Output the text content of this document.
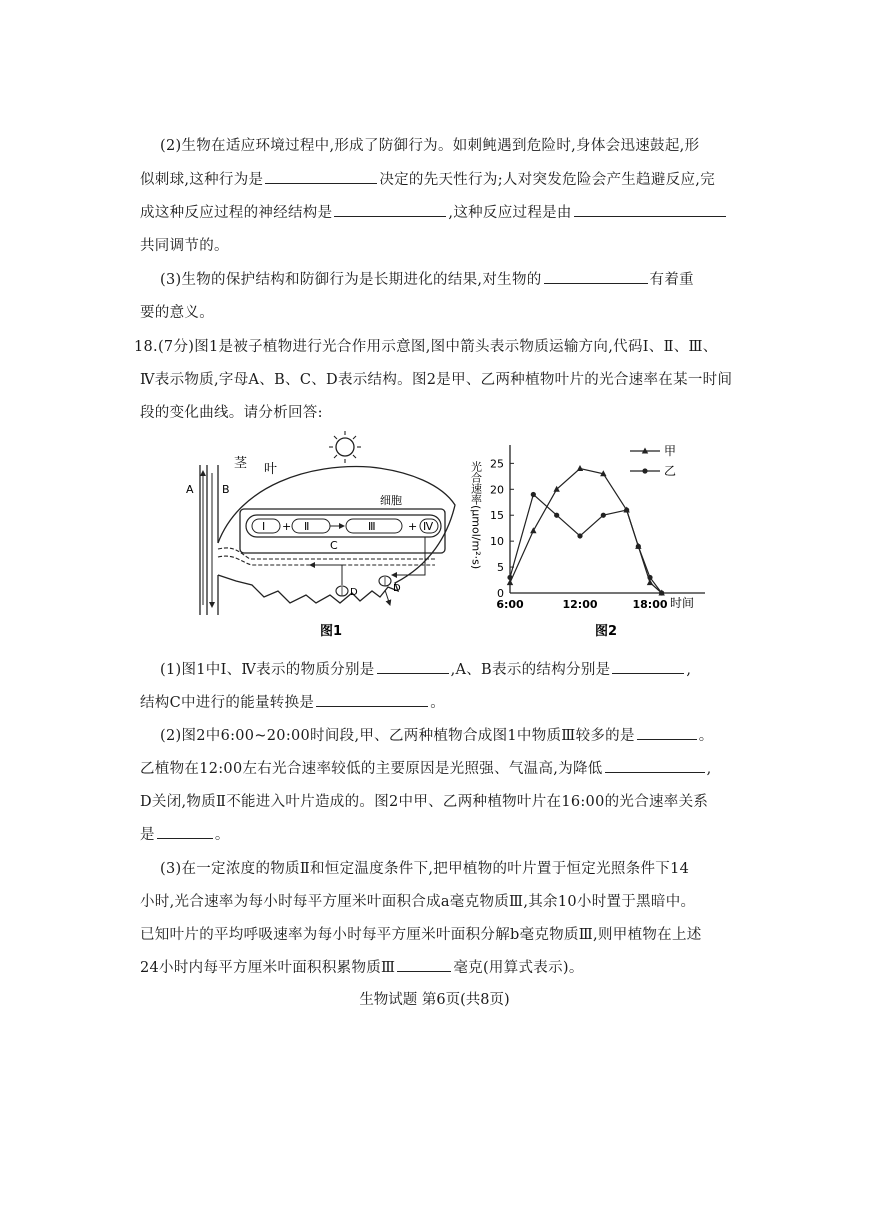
(2)生物在适应环境过程中,形成了防御行为。如刺鲀遇到危险时,身体会迅速鼓起,形
似刺球,这种行为是	决定的先天性行为;人对突发危险会产生趋避反应,完
成这种反应过程的神经结构是	,这种反应过程是由
共同调节的。
(3)生物的保护结构和防御行为是长期进化的结果,对生物的	有着重
要的意义。
18.(7分)图1是被子植物进行光合作用示意图,图中箭头表示物质运输方向,代码Ⅰ、Ⅱ、Ⅲ、
Ⅳ表示物质,字母A、B、C、D表示结构。图2是甲、乙两种植物叶片的光合速率在某一时间
段的变化曲线。请分析回答:
细胞
Ⅰ + Ⅱ	Ⅲ	+ Ⅳ
C
D	D
A	B
茎 叶
图1
光合速率(μmol/m²·s)
时间
图2
0
5
10
15
20
25
6:00	12:00	18:00
甲
乙
(1)图1中Ⅰ、Ⅳ表示的物质分别是	,A、B表示的结构分别是	,
结构C中进行的能量转换是	。
(2)图2中6:00~20:00时间段,甲、乙两种植物合成图1中物质Ⅲ较多的是	。
乙植物在12:00左右光合速率较低的主要原因是光照强、气温高,为降低	,
D关闭,物质Ⅱ不能进入叶片造成的。图2中甲、乙两种植物叶片在16:00的光合速率关系
是	。
(3)在一定浓度的物质Ⅱ和恒定温度条件下,把甲植物的叶片置于恒定光照条件下14
小时,光合速率为每小时每平方厘米叶面积合成a毫克物质Ⅲ,其余10小时置于黑暗中。
已知叶片的平均呼吸速率为每小时每平方厘米叶面积分解b毫克物质Ⅲ,则甲植物在上述
24小时内每平方厘米叶面积积累物质Ⅲ	毫克(用算式表示)。
生物试题 第6页(共8页)
